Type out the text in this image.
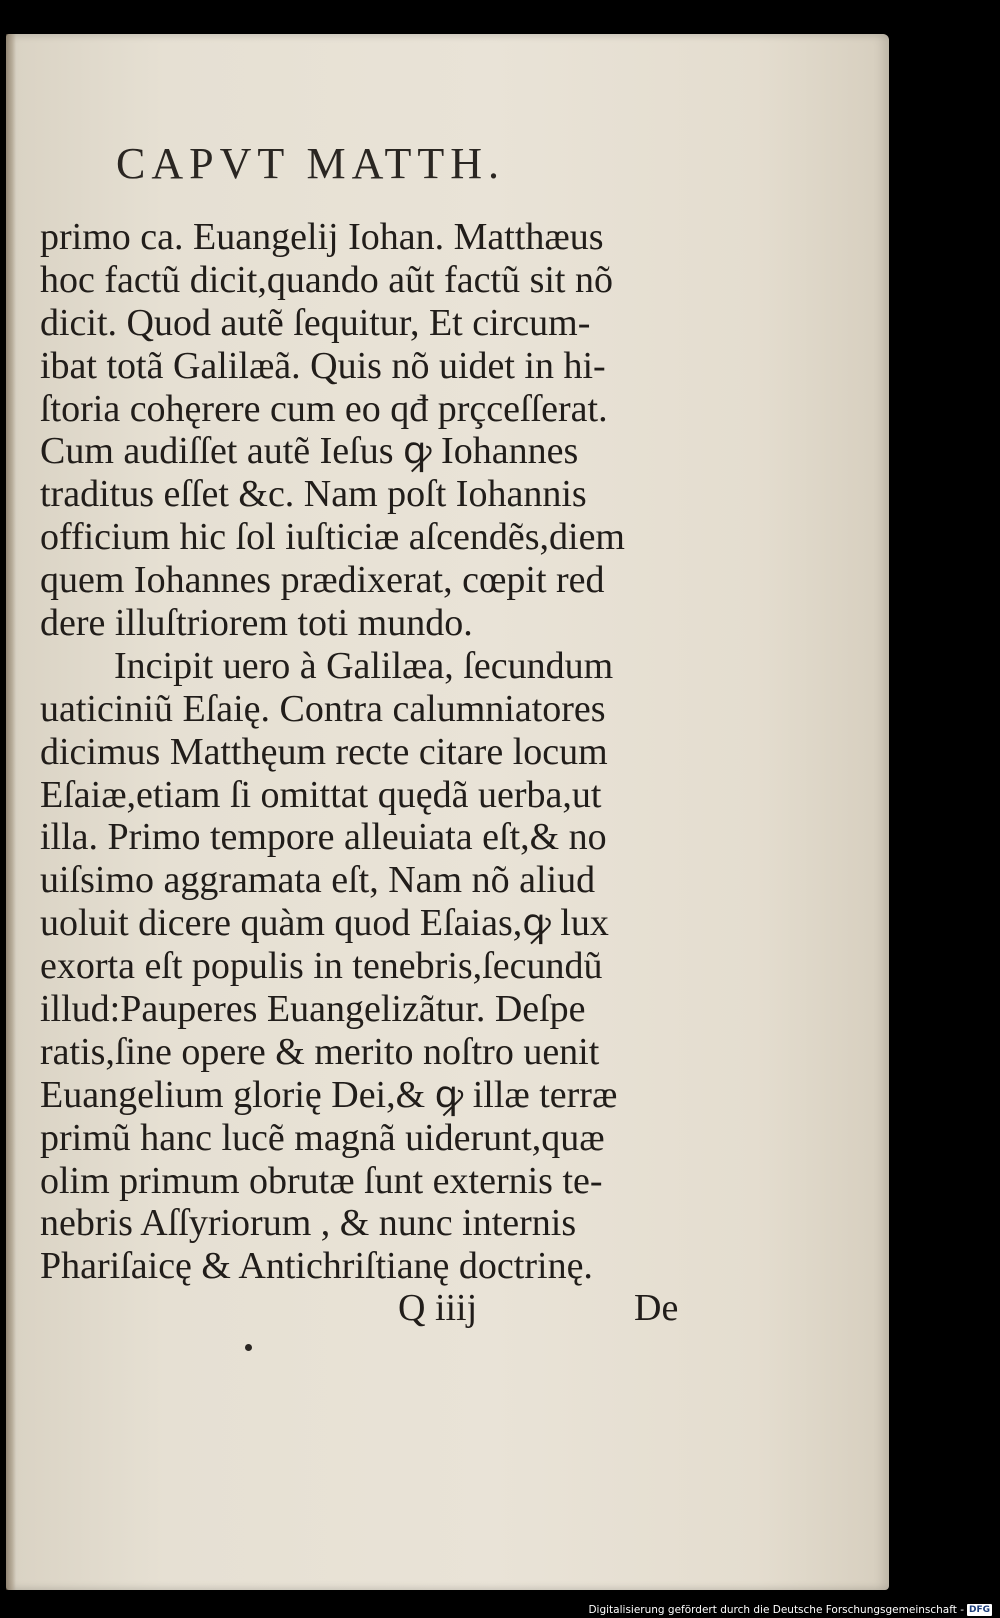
CAPVT MATTH.
primo ca. Euangelij Iohan. Matthæus
hoc factũ dicit,quando aũt factũ sit nõ
dicit. Quod autẽ ſequitur, Et circum-
ibat totã Galilæã. Quis nõ uidet in hi-
ſtoria cohęrere cum eo qđ prçceſſerat.
Cum audiſſet autẽ Ieſus ꝙ Iohannes
traditus eſſet &c. Nam poſt Iohannis
officium hic ſol iuſticiæ aſcendẽs,diem
quem Iohannes prædixerat, cœpit red
dere illuſtriorem toti mundo.
Incipit uero à Galilæa, ſecundum
uaticiniũ Eſaię. Contra calumniatores
dicimus Matthęum recte citare locum
Eſaiæ,etiam ſi omittat quędã uerba,ut
illa. Primo tempore alleuiata eſt,& no
uiſsimo aggramata eſt, Nam nõ aliud
uoluit dicere quàm quod Eſaias,ꝙ lux
exorta eſt populis in tenebris,ſecundũ
illud:Pauperes Euangelizãtur. Deſpe
ratis,ſine opere & merito noſtro uenit
Euangelium glorię Dei,& ꝙ illæ terræ
primũ hanc lucẽ magnã uiderunt,quæ
olim primum obrutæ ſunt externis te-
nebris Aſſyriorum , & nunc internis
Phariſaicę & Antichriſtianę doctrinę.
Q iiij	De
Digitalisierung gefördert durch die Deutsche Forschungsgemeinschaft - DFG
